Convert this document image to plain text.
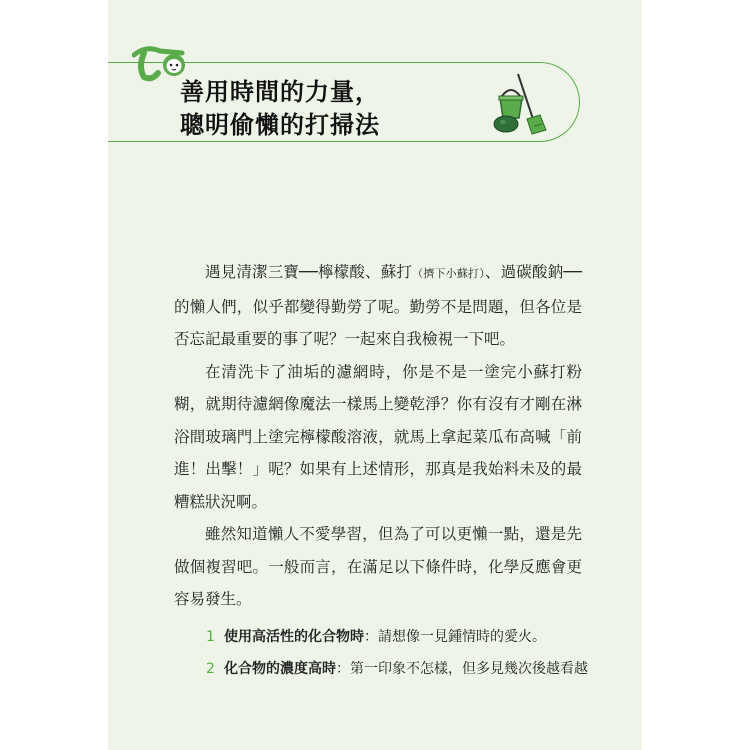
善用時間的力量，
聰明偷懶的打掃法

遇見清潔三寶──檸檬酸、蘇打（擠下小蘇打）、過碳酸鈉──的懶人們，似乎都變得勤勞了呢。勤勞不是問題，但各位是否忘記最重要的事了呢？一起來自我檢視一下吧。

在清洗卡了油垢的濾網時，你是不是一塗完小蘇打粉糊，就期待濾網像魔法一樣馬上變乾淨？你有沒有才剛在淋浴間玻璃門上塗完檸檬酸溶液，就馬上拿起菜瓜布高喊「前進！出擊！」呢？如果有上述情形，那真是我始料未及的最糟糕狀況啊。

雖然知道懶人不愛學習，但為了可以更懶一點，還是先做個複習吧。一般而言，在滿足以下條件時，化學反應會更容易發生。

1 使用高活性的化合物時：請想像一見鍾情時的愛火。
2 化合物的濃度高時：第一印象不怎樣，但多見幾次後越看越
